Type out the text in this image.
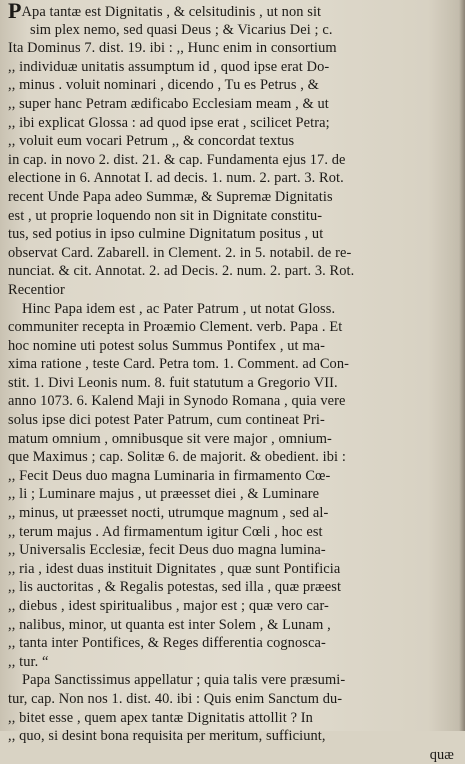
PApa tantæ est Dignitatis , & celsitudinis , ut non sit
sim plex nemo, sed quasi Deus ; & Vicarius Dei ; c.
Ita Dominus 7. dist. 19. ibi : ,, Hunc enim in consortium
,, individuæ unitatis assumptum id , quod ipse erat Do-
,, minus . voluit nominari , dicendo , Tu es Petrus , &
,, super hanc Petram ædificabo Ecclesiam meam , & ut
,, ibi explicat Glossa : ad quod ipse erat , scilicet Petra;
,, voluit eum vocari Petrum ,, & concordat textus
in cap. in novo 2. dist. 21. & cap. Fundamenta ejus 17. de
electione in 6. Annotat I. ad decis. 1. num. 2. part. 3. Rot.
recent Unde Papa adeo Summæ, & Supremæ Dignitatis
est , ut proprie loquendo non sit in Dignitate constitu-
tus, sed potius in ipso culmine Dignitatum positus , ut
observat Card. Zabarell. in Clement. 2. in 5. notabil. de re-
nunciat. & cit. Annotat. 2. ad Decis. 2. num. 2. part. 3. Rot.
Recentior
Hinc Papa idem est , ac Pater Patrum , ut notat Gloss.
communiter recepta in Proæmio Clement. verb. Papa . Et
hoc nomine uti potest solus Summus Pontifex , ut ma-
xima ratione , teste Card. Petra tom. 1. Comment. ad Con-
stit. 1. Divi Leonis num. 8. fuit statutum a Gregorio VII.
anno 1073. 6. Kalend Maji in Synodo Romana , quia vere
solus ipse dici potest Pater Patrum, cum contineat Pri-
matum omnium , omnibusque sit vere major , omnium-
que Maximus ; cap. Solitæ 6. de majorit. & obedient. ibi :
,, Fecit Deus duo magna Luminaria in firmamento Cœ-
,, li ; Luminare majus , ut præesset diei , & Luminare
,, minus, ut præesset nocti, utrumque magnum , sed al-
,, terum majus . Ad firmamentum igitur Cœli , hoc est
,, Universalis Ecclesiæ, fecit Deus duo magna lumina-
,, ria , idest duas instituit Dignitates , quæ sunt Pontificia
,, lis auctoritas , & Regalis potestas, sed illa , quæ præest
,, diebus , idest spiritualibus , major est ; quæ vero car-
,, nalibus, minor, ut quanta est inter Solem , & Lunam ,
,, tanta inter Pontifices, & Reges differentia cognosca-
,, tur. “
Papa Sanctissimus appellatur ; quia talis vere præsumi-
tur, cap. Non nos 1. dist. 40. ibi : Quis enim Sanctum du-
,, bitet esse , quem apex tantæ Dignitatis attollit ? In
,, quo, si desint bona requisita per meritum, sufficiunt,
quæ
